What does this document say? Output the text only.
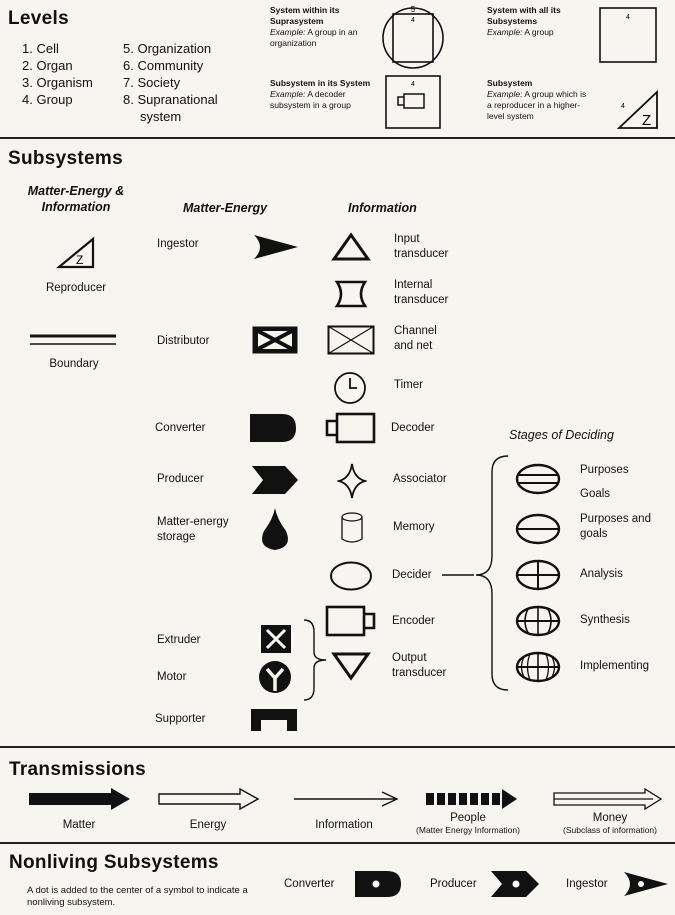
Levels
1. Cell
2. Organ
3. Organism
4. Group
5. Organization
6. Community
7. Society
8. Supranational
system
System within its Suprasystem
Example: A group in an organization
System with all its Subsystems
Example: A group
Subsystem in its System
Example: A decoder subsystem in a group
Subsystem
Example: A group which is a reproducer in a higher-level system
5
4	4
4
4
Z
Subsystems
Matter-Energy & Information	Matter-Energy	Information
Z
Reproducer
Boundary
Ingestor
Distributor
Converter
Producer
Matter-energy storage
Extruder
Motor
Supporter
Input transducer
Internal transducer
Channel and net
Timer
Decoder
Associator
Memory
Decider
Encoder
Output transducer
Stages of Deciding
Purposes
Goals
Purposes and goals
Analysis
Synthesis
Implementing
Transmissions
Matter	Energy	Information
People
(Matter Energy Information)
Money
(Subclass of information)
Nonliving Subsystems
A dot is added to the center of a symbol to indicate a nonliving subsystem.
Converter	Producer	Ingestor
